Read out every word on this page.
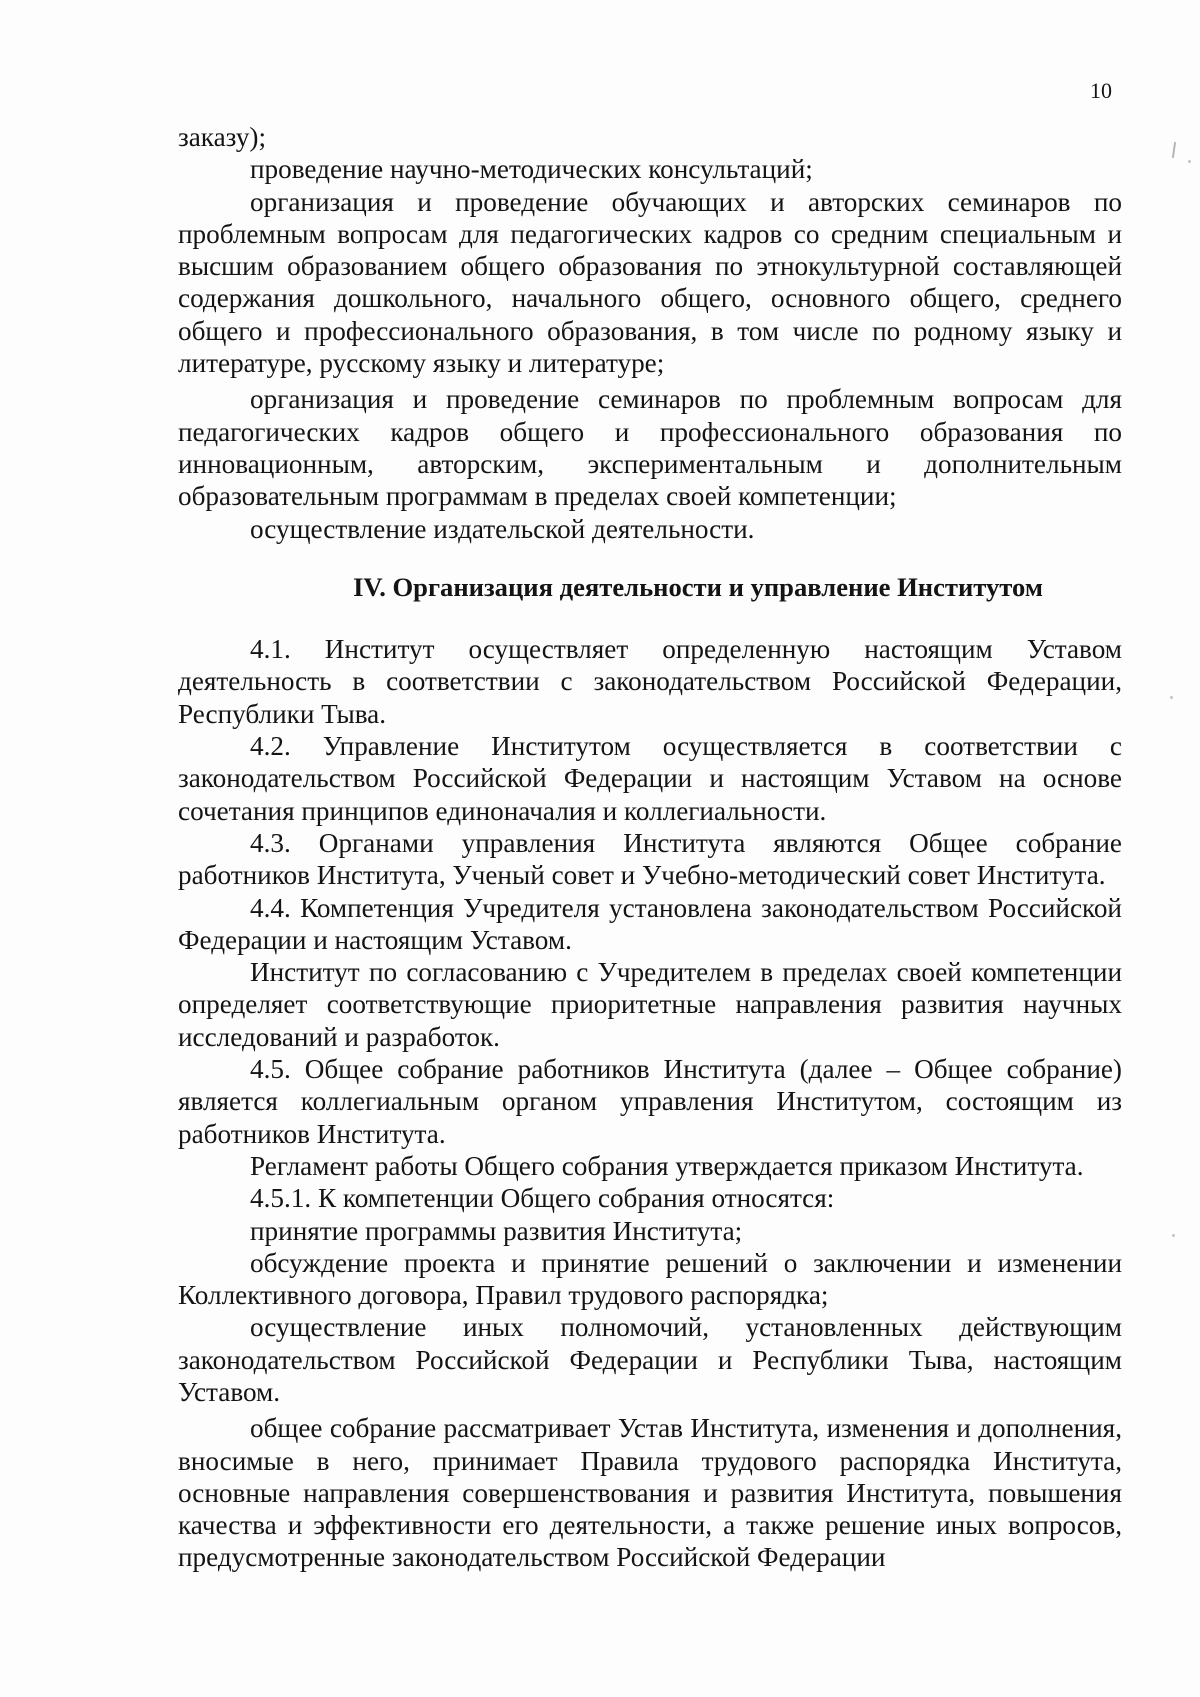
10

заказу);

проведение научно-методических консультаций;

организация и проведение обучающих и авторских семинаров по проблемным вопросам для педагогических кадров со средним специальным и высшим образованием общего образования по этнокультурной составляющей содержания дошкольного, начального общего, основного общего, среднего общего и профессионального образования, в том числе по родному языку и литературе, русскому языку и литературе;

организация и проведение семинаров по проблемным вопросам для педагогических кадров общего и профессионального образования по инновационным, авторским, экспериментальным и дополнительным образовательным программам в пределах своей компетенции;

осуществление издательской деятельности.

IV. Организация деятельности и управление Институтом

4.1. Институт осуществляет определенную настоящим Уставом деятельность в соответствии с законодательством Российской Федерации, Республики Тыва.

4.2. Управление Институтом осуществляется в соответствии с законодательством Российской Федерации и настоящим Уставом на основе сочетания принципов единоначалия и коллегиальности.

4.3. Органами управления Института являются Общее собрание работников Института, Ученый совет и Учебно-методический совет Института.

4.4. Компетенция Учредителя установлена законодательством Российской Федерации и настоящим Уставом.

Институт по согласованию с Учредителем в пределах своей компетенции определяет соответствующие приоритетные направления развития научных исследований и разработок.

4.5. Общее собрание работников Института (далее – Общее собрание) является коллегиальным органом управления Институтом, состоящим из работников Института.

Регламент работы Общего собрания утверждается приказом Института.

4.5.1. К компетенции Общего собрания относятся:

принятие программы развития Института;

обсуждение проекта и принятие решений о заключении и изменении Коллективного договора, Правил трудового распорядка;

осуществление иных полномочий, установленных действующим законодательством Российской Федерации и Республики Тыва, настоящим Уставом.

общее собрание рассматривает Устав Института, изменения и дополнения, вносимые в него, принимает Правила трудового распорядка Института, основные направления совершенствования и развития Института, повышения качества и эффективности его деятельности, а также решение иных вопросов, предусмотренные законодательством Российской Федерации
